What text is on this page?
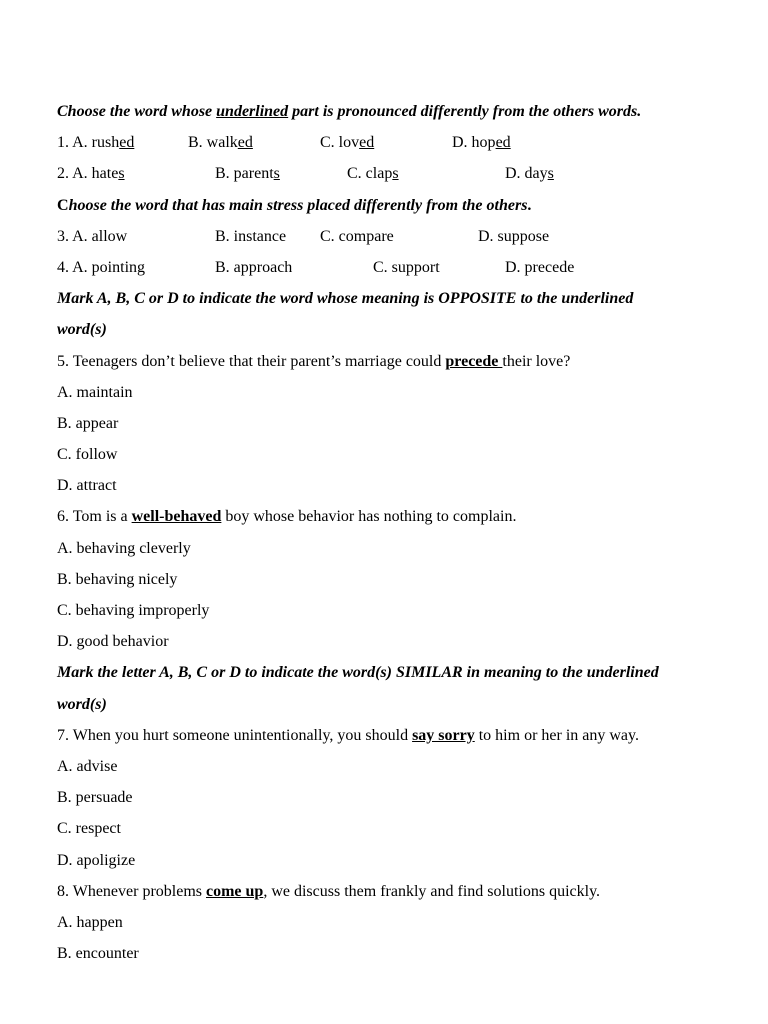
Choose the word whose underlined part is pronounced differently from the others words.
1. A. rushed	B. walked	C. loved	D. hoped
2. A. hates	B. parents	C. claps	D. days
Choose the word that has main stress placed differently from the others.
3. A. allow	B. instance C. compare	D. suppose
4. A. pointing	B. approach	C. support	D. precede
Mark A, B, C or D to indicate the word whose meaning is OPPOSITE to the underlined
word(s)
5. Teenagers don’t believe that their parent’s marriage could precede their love?
A. maintain
B. appear
C. follow
D. attract
6. Tom is a well-behaved boy whose behavior has nothing to complain.
A. behaving cleverly
B. behaving nicely
C. behaving improperly
D. good behavior
Mark the letter A, B, C or D to indicate the word(s) SIMILAR in meaning to the underlined
word(s)
7. When you hurt someone unintentionally, you should say sorry to him or her in any way.
A. advise
B. persuade
C. respect
D. apoligize
8. Whenever problems come up, we discuss them frankly and find solutions quickly.
A. happen
B. encounter
